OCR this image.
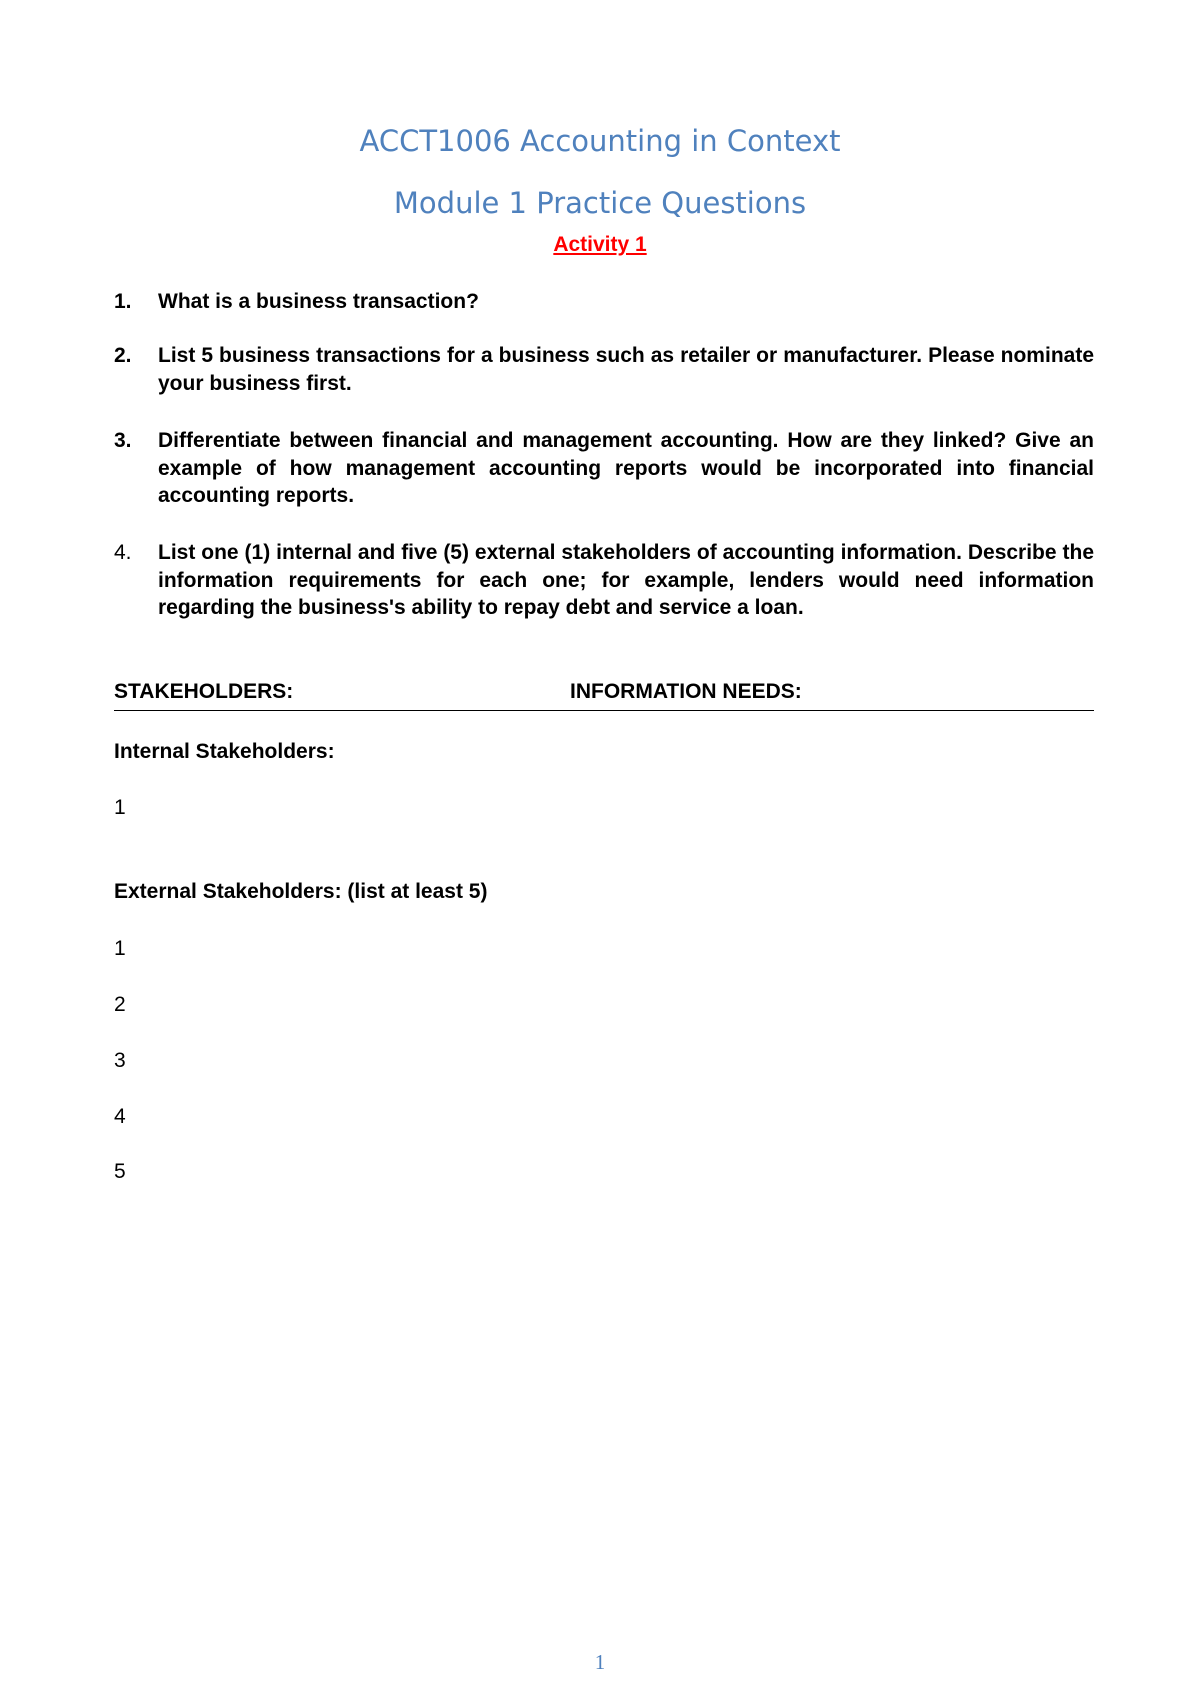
ACCT1006 Accounting in Context
Module 1 Practice Questions
Activity 1
1. What is a business transaction?
2. List 5 business transactions for a business such as retailer or manufacturer. Please nominate your business first.
3. Differentiate between financial and management accounting. How are they linked? Give an example of how management accounting reports would be incorporated into financial accounting reports.
4. List one (1) internal and five (5) external stakeholders of accounting information. Describe the information requirements for each one; for example, lenders would need information regarding the business's ability to repay debt and service a loan.
STAKEHOLDERS:	INFORMATION NEEDS:
Internal Stakeholders:
1
External Stakeholders: (list at least 5)
1
2
3
4
5
1
